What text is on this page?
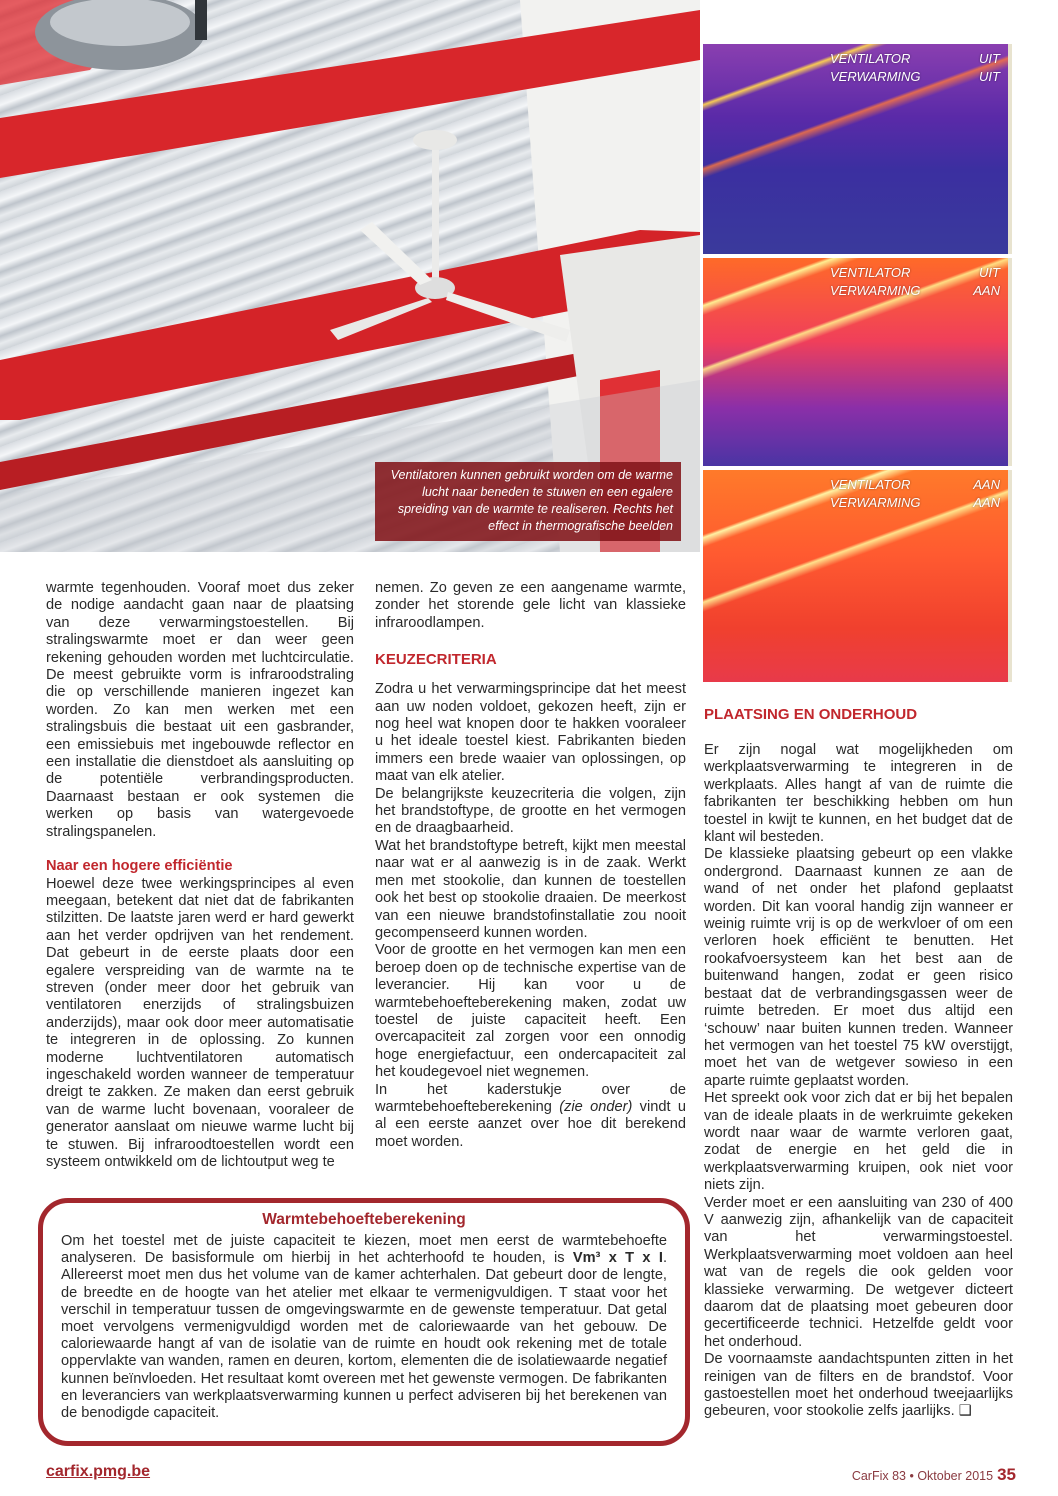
Ventilatoren kunnen gebruikt worden om de warme lucht naar beneden te stuwen en een egalere spreiding van de warmte te realiseren. Rechts het effect in thermografische beelden
VENTILATOR	UIT
VERWARMING	UIT
VENTILATOR	UIT
VERWARMING	AAN
VENTILATOR	AAN
VERWARMING	AAN

warmte tegenhouden. Vooraf moet dus zeker de nodige aandacht gaan naar de plaatsing van deze verwarmingstoestellen. Bij stralingswarmte moet er dan weer geen rekening gehouden worden met luchtcirculatie. De meest gebruikte vorm is infraroodstraling die op verschillende manieren ingezet kan worden. Zo kan men werken met een stralingsbuis die bestaat uit een gasbrander, een emissiebuis met ingebouwde reflector en een installatie die dienstdoet als aansluiting op de potentiële verbrandingsproducten. Daarnaast bestaan er ook systemen die werken op basis van watergevoede stralingspanelen.

Naar een hogere efficiëntie

Hoewel deze twee werkingsprincipes al even meegaan, betekent dat niet dat de fabrikanten stilzitten. De laatste jaren werd er hard gewerkt aan het verder opdrijven van het rendement. Dat gebeurt in de eerste plaats door een egalere verspreiding van de warmte na te streven (onder meer door het gebruik van ventilatoren enerzijds of stralingsbuizen anderzijds), maar ook door meer automatisatie te integreren in de oplossing. Zo kunnen moderne luchtventilatoren automatisch ingeschakeld worden wanneer de temperatuur dreigt te zakken. Ze maken dan eerst gebruik van de warme lucht bovenaan, vooraleer de generator aanslaat om nieuwe warme lucht bij te stuwen. Bij infraroodtoestellen wordt een systeem ontwikkeld om de lichtoutput weg te

nemen. Zo geven ze een aangename warmte, zonder het storende gele licht van klassieke infraroodlampen.

KEUZECRITERIA

Zodra u het verwarmingsprincipe dat het meest aan uw noden voldoet, gekozen heeft, zijn er nog heel wat knopen door te hakken vooraleer u het ideale toestel kiest. Fabrikanten bieden immers een brede waaier van oplossingen, op maat van elk atelier.

De belangrijkste keuzecriteria die volgen, zijn het brandstoftype, de grootte en het vermogen en de draagbaarheid.

Wat het brandstoftype betreft, kijkt men meestal naar wat er al aanwezig is in de zaak. Werkt men met stookolie, dan kunnen de toestellen ook het best op stookolie draaien. De meerkost van een nieuwe brandstofinstallatie zou nooit gecompenseerd kunnen worden.

Voor de grootte en het vermogen kan men een beroep doen op de technische expertise van de leverancier. Hij kan voor u de warmtebehoefteberekening maken, zodat uw toestel de juiste capaciteit heeft. Een overcapaciteit zal zorgen voor een onnodig hoge energiefactuur, een ondercapaciteit zal het koudegevoel niet wegnemen.

In het kaderstukje over de warmtebehoefteberekening (zie onder) vindt u al een eerste aanzet over hoe dit berekend moet worden.

PLAATSING EN ONDERHOUD

Er zijn nogal wat mogelijkheden om werkplaatsverwarming te integreren in de werkplaats. Alles hangt af van de ruimte die fabrikanten ter beschikking hebben om hun toestel in kwijt te kunnen, en het budget dat de klant wil besteden.

De klassieke plaatsing gebeurt op een vlakke ondergrond. Daarnaast kunnen ze aan de wand of net onder het plafond geplaatst worden. Dit kan vooral handig zijn wanneer er weinig ruimte vrij is op de werkvloer of om een verloren hoek efficiënt te benutten. Het rookafvoersysteem kan het best aan de buitenwand hangen, zodat er geen risico bestaat dat de verbrandingsgassen weer de ruimte betreden. Er moet dus altijd een ‘schouw’ naar buiten kunnen treden. Wanneer het vermogen van het toestel 75 kW overstijgt, moet het van de wetgever sowieso in een aparte ruimte geplaatst worden.

Het spreekt ook voor zich dat er bij het bepalen van de ideale plaats in de werkruimte gekeken wordt naar waar de warmte verloren gaat, zodat de energie en het geld die in werkplaatsverwarming kruipen, ook niet voor niets zijn.

Verder moet er een aansluiting van 230 of 400 V aanwezig zijn, afhankelijk van de capaciteit van het verwarmingstoestel. Werkplaatsverwarming moet voldoen aan heel wat van de regels die ook gelden voor klassieke verwarming. De wetgever dicteert daarom dat de plaatsing moet gebeuren door gecertificeerde technici. Hetzelfde geldt voor het onderhoud.

De voornaamste aandachtspunten zitten in het reinigen van de filters en de brandstof. Voor gastoestellen moet het onderhoud tweejaarlijks gebeuren, voor stookolie zelfs jaarlijks. ❑

Warmtebehoefteberekening

Om het toestel met de juiste capaciteit te kiezen, moet men eerst de warmtebehoefte analyseren. De basisformule om hierbij in het achterhoofd te houden, is Vm³ x T x I. Allereerst moet men dus het volume van de kamer achterhalen. Dat gebeurt door de lengte, de breedte en de hoogte van het atelier met elkaar te vermenigvuldigen. T staat voor het verschil in temperatuur tussen de omgevingswarmte en de gewenste temperatuur. Dat getal moet vervolgens vermenigvuldigd worden met de caloriewaarde van het gebouw. De caloriewaarde hangt af van de isolatie van de ruimte en houdt ook rekening met de totale oppervlakte van wanden, ramen en deuren, kortom, elementen die de isolatiewaarde negatief kunnen beïnvloeden. Het resultaat komt overeen met het gewenste vermogen. De fabrikanten en leveranciers van werkplaatsverwarming kunnen u perfect adviseren bij het berekenen van de benodigde capaciteit.

carfix.pmg.be	CarFix 83 • Oktober 2015 35
